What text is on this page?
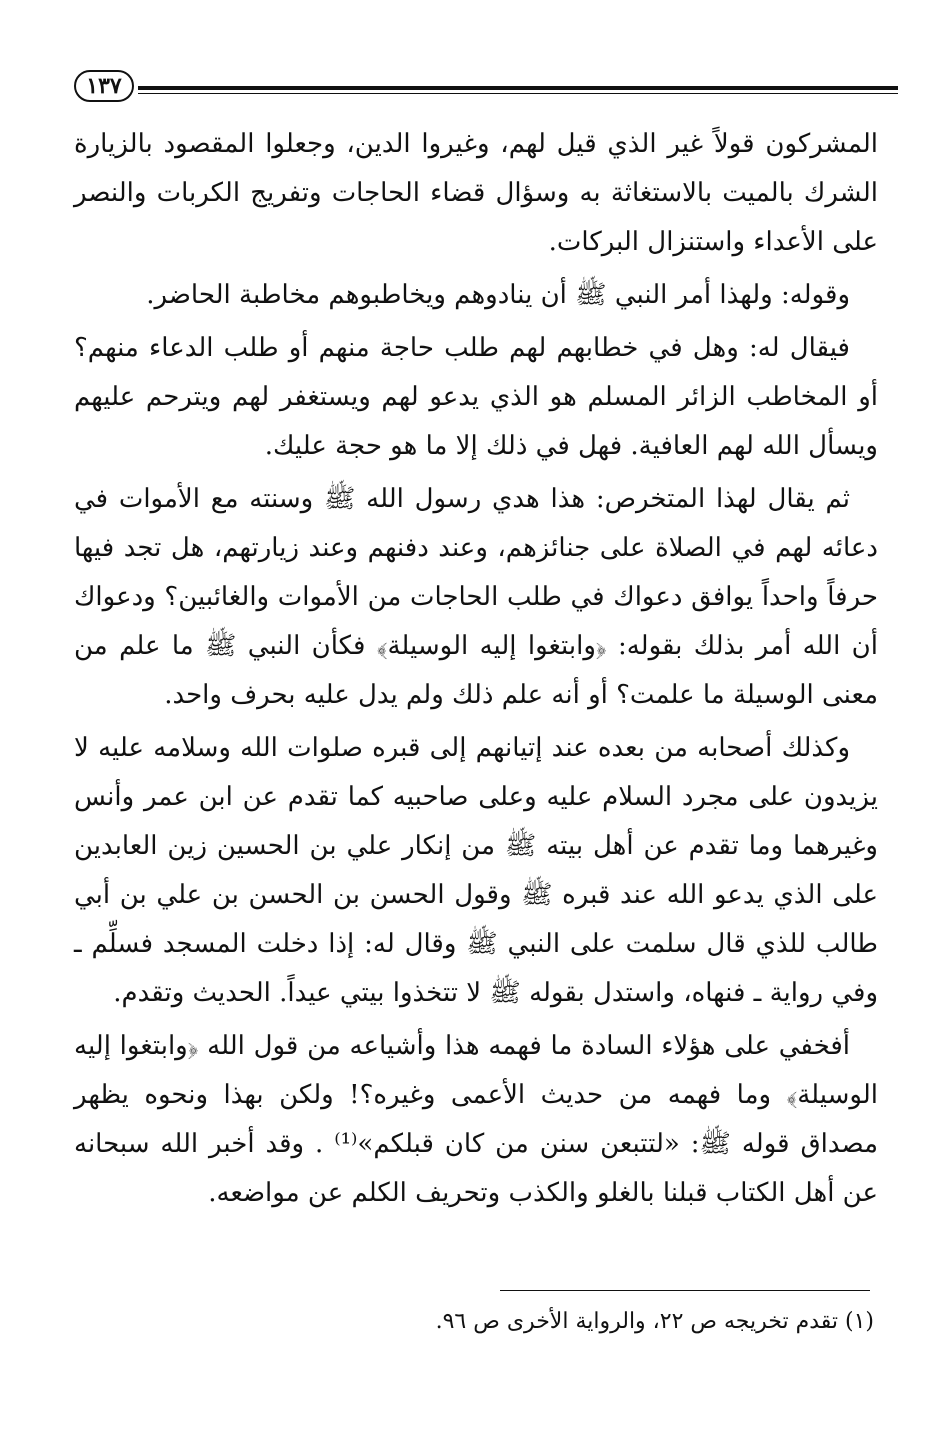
١٣٧

المشركون قولاً غير الذي قيل لهم، وغيروا الدين، وجعلوا المقصود بالزيارة الشرك بالميت بالاستغاثة به وسؤال قضاء الحاجات وتفريج الكربات والنصر على الأعداء واستنزال البركات.

وقوله: ولهذا أمر النبي ﷺ أن ينادوهم ويخاطبوهم مخاطبة الحاضر.

فيقال له: وهل في خطابهم لهم طلب حاجة منهم أو طلب الدعاء منهم؟ أو المخاطب الزائر المسلم هو الذي يدعو لهم ويستغفر لهم ويترحم عليهم ويسأل الله لهم العافية. فهل في ذلك إلا ما هو حجة عليك.

ثم يقال لهذا المتخرص: هذا هدي رسول الله ﷺ وسنته مع الأموات في دعائه لهم في الصلاة على جنائزهم، وعند دفنهم وعند زيارتهم، هل تجد فيها حرفاً واحداً يوافق دعواك في طلب الحاجات من الأموات والغائبين؟ ودعواك أن الله أمر بذلك بقوله: ﴿وابتغوا إليه الوسيلة﴾ فكأن النبي ﷺ ما علم من معنى الوسيلة ما علمت؟ أو أنه علم ذلك ولم يدل عليه بحرف واحد.

وكذلك أصحابه من بعده عند إتيانهم إلى قبره صلوات الله وسلامه عليه لا يزيدون على مجرد السلام عليه وعلى صاحبيه كما تقدم عن ابن عمر وأنس وغيرهما وما تقدم عن أهل بيته ﷺ من إنكار علي بن الحسين زين العابدين على الذي يدعو الله عند قبره ﷺ وقول الحسن بن الحسن بن علي بن أبي طالب للذي قال سلمت على النبي ﷺ وقال له: إذا دخلت المسجد فسلِّم ـ وفي رواية ـ فنهاه، واستدل بقوله ﷺ لا تتخذوا بيتي عيداً. الحديث وتقدم.

أفخفي على هؤلاء السادة ما فهمه هذا وأشياعه من قول الله ﴿وابتغوا إليه الوسيلة﴾ وما فهمه من حديث الأعمى وغيره؟! ولكن بهذا ونحوه يظهر مصداق قوله ﷺ: «لتتبعن سنن من كان قبلكم»⁽¹⁾ . وقد أخبر الله سبحانه عن أهل الكتاب قبلنا بالغلو والكذب وتحريف الكلم عن مواضعه.

(١) تقدم تخريجه ص ٢٢، والرواية الأخرى ص ٩٦.
